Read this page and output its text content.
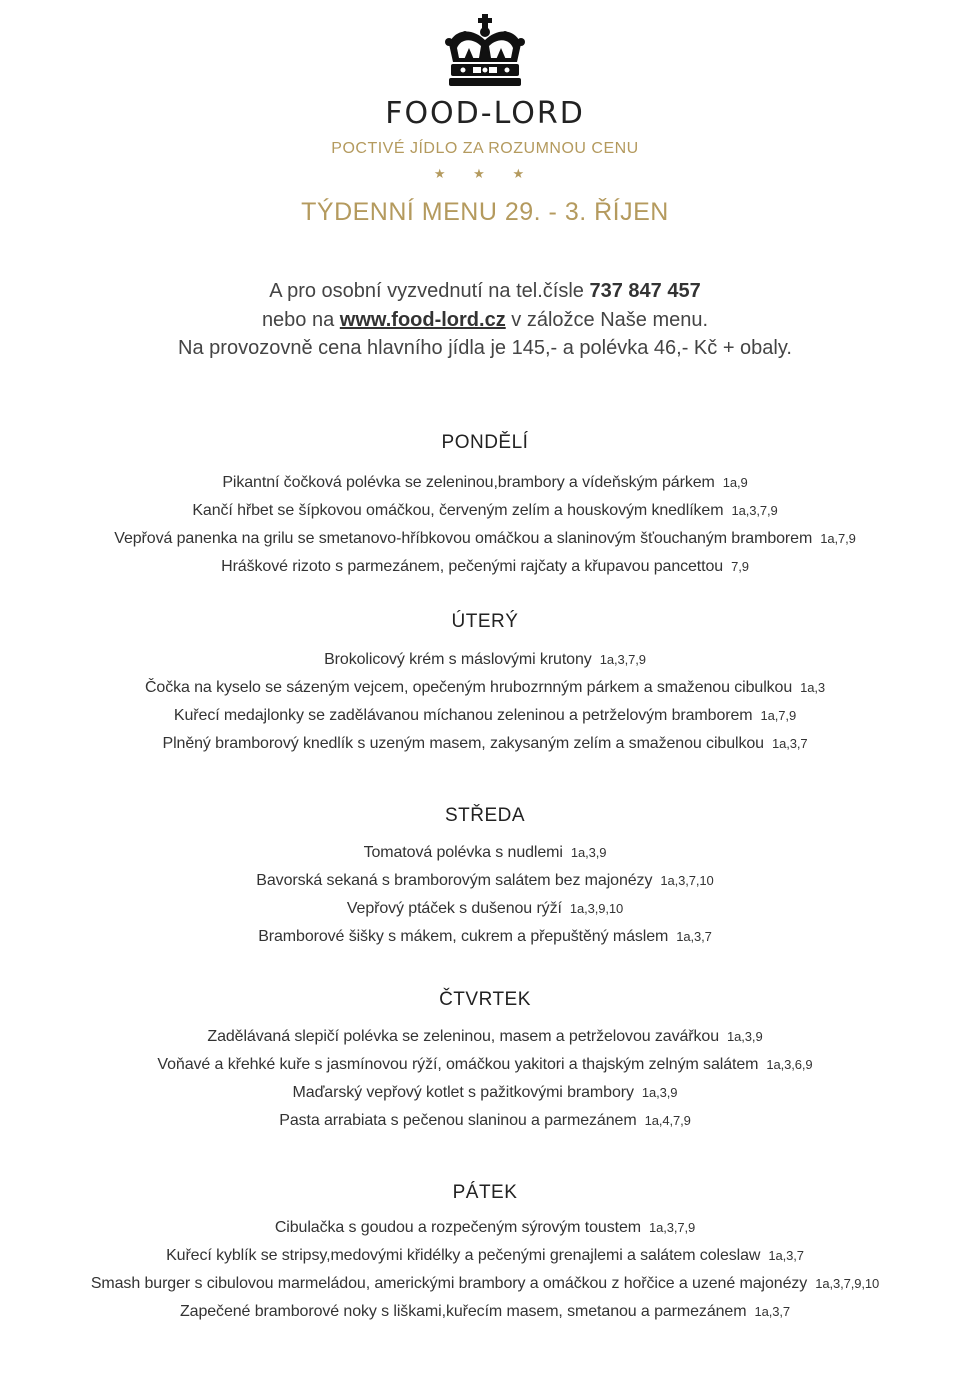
FOOD-LORD
POCTIVÉ JÍDLO ZA ROZUMNOU CENU
★ ★ ★
TÝDENNÍ MENU 29. - 3. ŘÍJEN
A pro osobní vyzvednutí na tel.čísle 737 847 457
nebo na www.food-lord.cz v záložce Naše menu.
Na provozovně cena hlavního jídla je 145,- a polévka 46,- Kč + obaly.
PONDĚLÍ
Pikantní čočková polévka se zeleninou,brambory a vídeňským párkem 1a,9
Kančí hřbet se šípkovou omáčkou, červeným zelím a houskovým knedlíkem 1a,3,7,9
Vepřová panenka na grilu se smetanovo-hříbkovou omáčkou a slaninovým šťouchaným bramborem 1a,7,9
Hráškové rizoto s parmezánem, pečenými rajčaty a křupavou pancettou 7,9
ÚTERÝ
Brokolicový krém s máslovými krutony 1a,3,7,9
Čočka na kyselo se sázeným vejcem, opečeným hrubozrnným párkem a smaženou cibulkou 1a,3
Kuřecí medajlonky se zadělávanou míchanou zeleninou a petrželovým bramborem 1a,7,9
Plněný bramborový knedlík s uzeným masem, zakysaným zelím a smaženou cibulkou 1a,3,7
STŘEDA
Tomatová polévka s nudlemi 1a,3,9
Bavorská sekaná s bramborovým salátem bez majonézy 1a,3,7,10
Vepřový ptáček s dušenou rýží 1a,3,9,10
Bramborové šišky s mákem, cukrem a přepuštěný máslem 1a,3,7
ČTVRTEK
Zadělávaná slepičí polévka se zeleninou, masem a petrželovou zavářkou 1a,3,9
Voňavé a křehké kuře s jasmínovou rýží, omáčkou yakitori a thajským zelným salátem 1a,3,6,9
Maďarský vepřový kotlet s pažitkovými brambory 1a,3,9
Pasta arrabiata s pečenou slaninou a parmezánem 1a,4,7,9
PÁTEK
Cibulačka s goudou a rozpečeným sýrovým toustem 1a,3,7,9
Kuřecí kyblík se stripsy,medovými křidélky a pečenými grenajlemi a salátem coleslaw 1a,3,7
Smash burger s cibulovou marmeládou, americkými brambory a omáčkou z hořčice a uzené majonézy 1a,3,7,9,10
Zapečené bramborové noky s liškami,kuřecím masem, smetanou a parmezánem 1a,3,7
